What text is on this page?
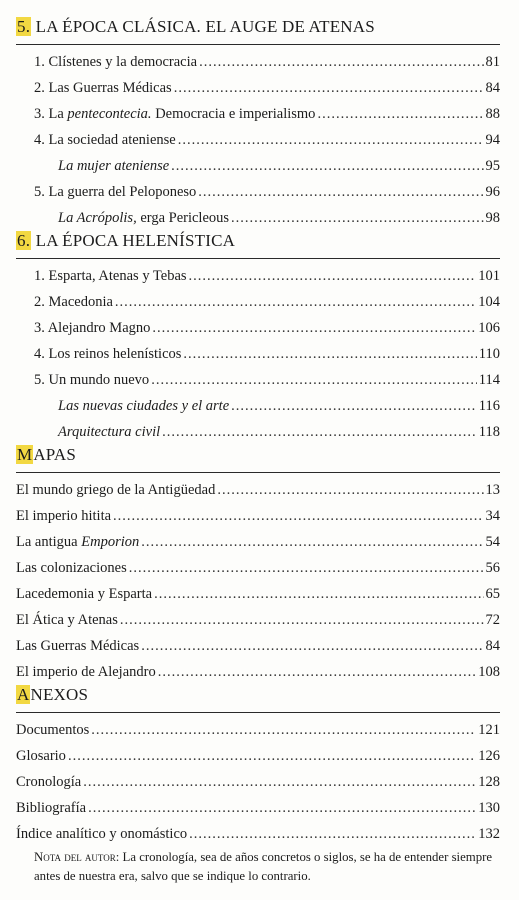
5. LA ÉPOCA CLÁSICA. EL AUGE DE ATENAS
1. Clístenes y la democracia .....	81
2. Las Guerras Médicas .....	84
3. La pentecontecia. Democracia e imperialismo .....	88
4. La sociedad ateniense .....	94
La mujer ateniense .....	95
5. La guerra del Peloponeso .....	96
La Acrópolis, erga Pericleous .....	98
6. LA ÉPOCA HELENÍSTICA
1. Esparta, Atenas y Tebas .....	101
2. Macedonia .....	104
3. Alejandro Magno .....	106
4. Los reinos helenísticos .....	110
5. Un mundo nuevo .....	114
Las nuevas ciudades y el arte .....	116
Arquitectura civil .....	118
MAPAS
El mundo griego de la Antigüedad .....	13
El imperio hitita .....	34
La antigua Emporion .....	54
Las colonizaciones .....	56
Lacedemonia y Esparta .....	65
El Ática y Atenas .....	72
Las Guerras Médicas .....	84
El imperio de Alejandro .....	108
ANEXOS
Documentos .....	121
Glosario .....	126
Cronología .....	128
Bibliografía .....	130
Índice analítico y onomástico .....	132
Nota del autor: La cronología, sea de años concretos o siglos, se ha de entender siempre antes de nuestra era, salvo que se indique lo contrario.
